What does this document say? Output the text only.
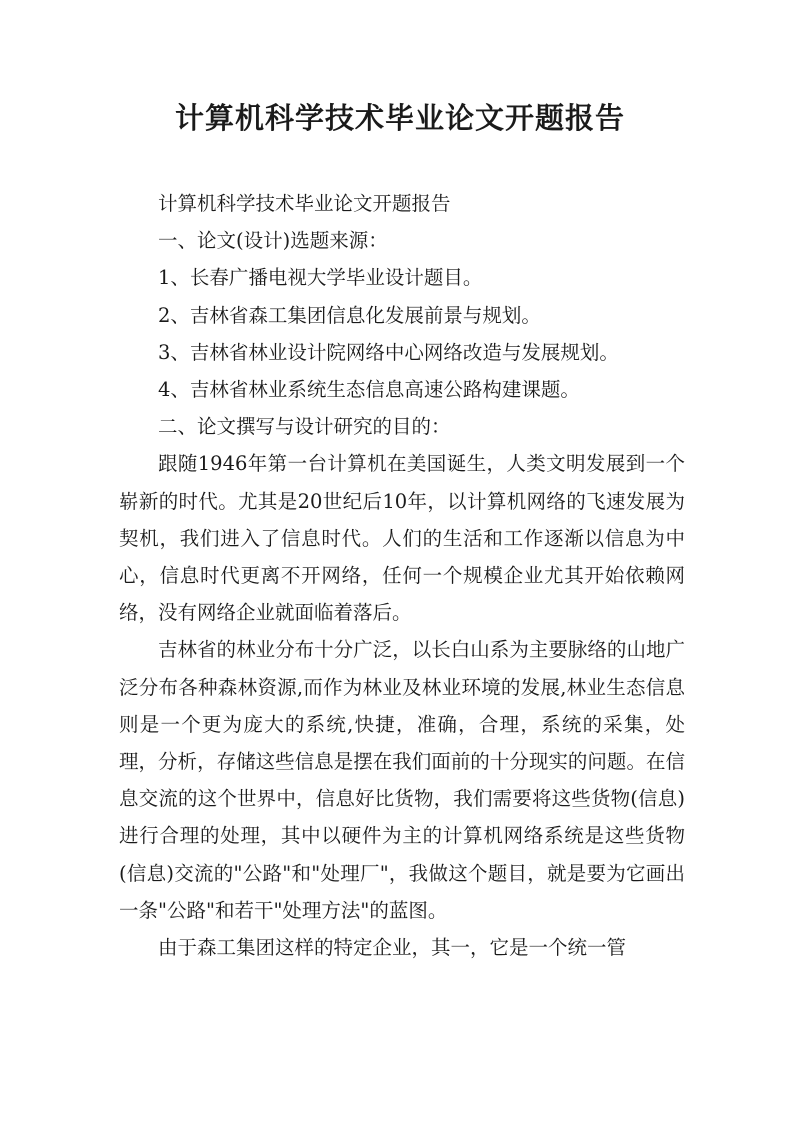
计算机科学技术毕业论文开题报告

计算机科学技术毕业论文开题报告

一、论文(设计)选题来源：

1、长春广播电视大学毕业设计题目。

2、吉林省森工集团信息化发展前景与规划。

3、吉林省林业设计院网络中心网络改造与发展规划。

4、吉林省林业系统生态信息高速公路构建课题。

二、论文撰写与设计研究的目的：

跟随1946年第一台计算机在美国诞生，人类文明发展到一个崭新的时代。尤其是20世纪后10年，以计算机网络的飞速发展为契机，我们进入了信息时代。人们的生活和工作逐渐以信息为中心，信息时代更离不开网络，任何一个规模企业尤其开始依赖网络，没有网络企业就面临着落后。

吉林省的林业分布十分广泛，以长白山系为主要脉络的山地广泛分布各种森林资源,而作为林业及林业环境的发展,林业生态信息则是一个更为庞大的系统,快捷，准确，合理，系统的采集，处理，分析，存储这些信息是摆在我们面前的十分现实的问题。在信息交流的这个世界中，信息好比货物，我们需要将这些货物(信息)进行合理的处理，其中以硬件为主的计算机网络系统是这些货物(信息)交流的"公路"和"处理厂"，我做这个题目，就是要为它画出一条"公路"和若干"处理方法"的蓝图。

由于森工集团这样的特定企业，其一，它是一个统一管
